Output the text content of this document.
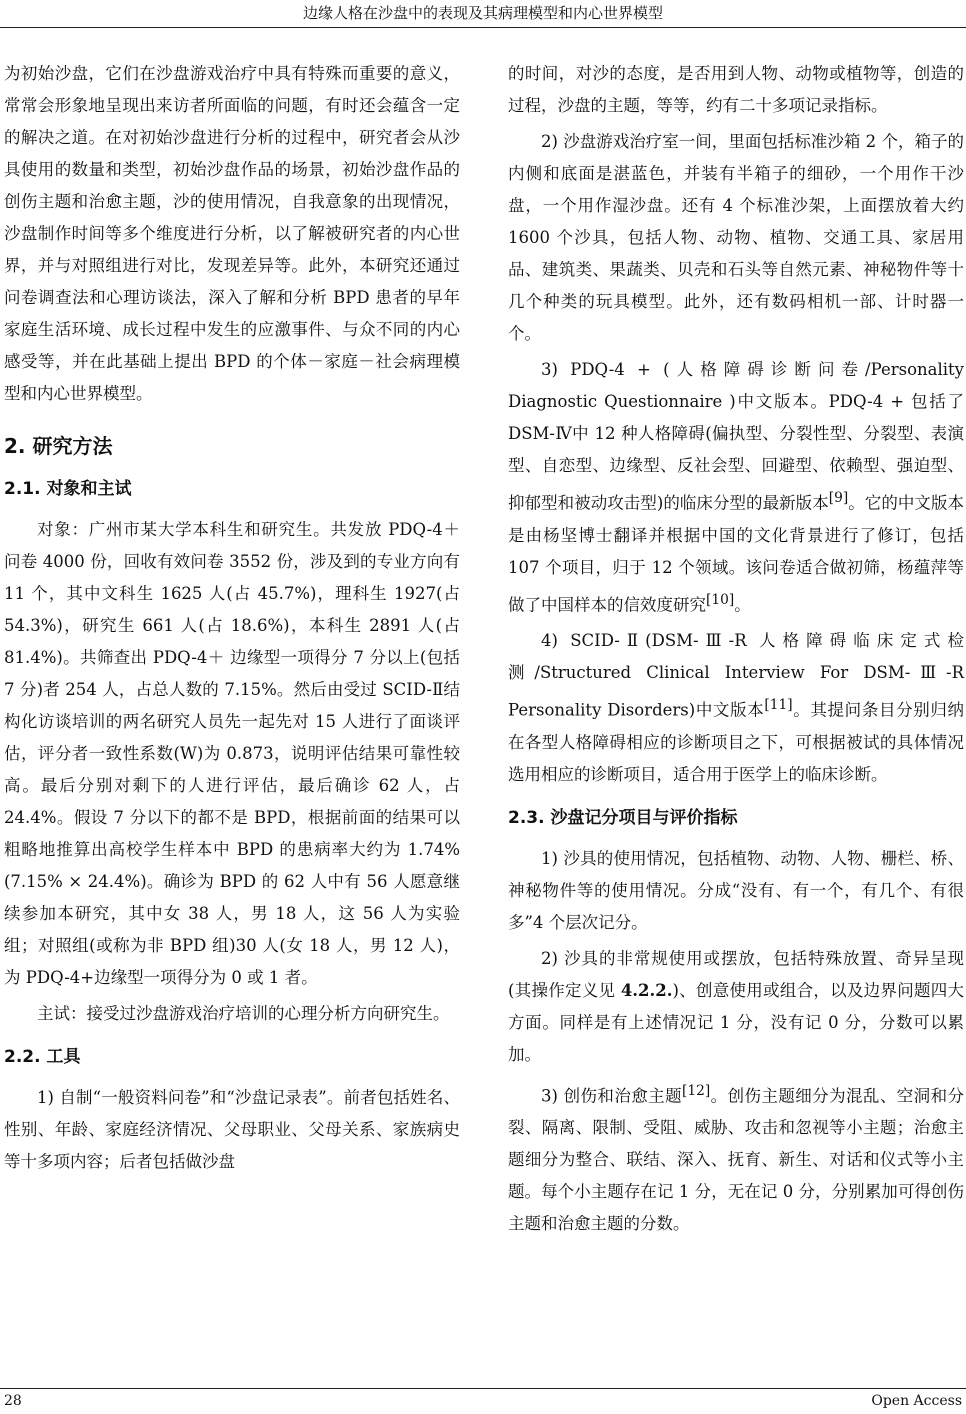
边缘人格在沙盘中的表现及其病理模型和内心世界模型

为初始沙盘，它们在沙盘游戏治疗中具有特殊而重要的意义，常常会形象地呈现出来访者所面临的问题，有时还会蕴含一定的解决之道。在对初始沙盘进行分析的过程中，研究者会从沙具使用的数量和类型，初始沙盘作品的场景，初始沙盘作品的创伤主题和治愈主题，沙的使用情况，自我意象的出现情况，沙盘制作时间等多个维度进行分析，以了解被研究者的内心世界，并与对照组进行对比，发现差异等。此外，本研究还通过问卷调查法和心理访谈法，深入了解和分析 BPD 患者的早年家庭生活环境、成长过程中发生的应激事件、与众不同的内心感受等，并在此基础上提出 BPD 的个体－家庭－社会病理模型和内心世界模型。

2. 研究方法
2.1. 对象和主试

对象：广州市某大学本科生和研究生。共发放 PDQ-4＋ 问卷 4000 份，回收有效问卷 3552 份，涉及到的专业方向有 11 个，其中文科生 1625 人(占 45.7%)，理科生 1927(占 54.3%)，研究生 661 人(占 18.6%)，本科生 2891 人(占 81.4%)。共筛查出 PDQ-4＋ 边缘型一项得分 7 分以上(包括 7 分)者 254 人，占总人数的 7.15%。然后由受过 SCID-Ⅱ结构化访谈培训的两名研究人员先一起先对 15 人进行了面谈评估，评分者一致性系数(W)为 0.873，说明评估结果可靠性较高。最后分别对剩下的人进行评估，最后确诊 62 人，占 24.4%。假设 7 分以下的都不是 BPD，根据前面的结果可以粗略地推算出高校学生样本中 BPD 的患病率大约为 1.74%(7.15% × 24.4%)。确诊为 BPD 的 62 人中有 56 人愿意继续参加本研究，其中女 38 人，男 18 人，这 56 人为实验组；对照组(或称为非 BPD 组)30 人(女 18 人，男 12 人)，为 PDQ-4+边缘型一项得分为 0 或 1 者。

主试：接受过沙盘游戏治疗培训的心理分析方向研究生。

2.2. 工具

1) 自制“一般资料问卷”和“沙盘记录表”。前者包括姓名、性别、年龄、家庭经济情况、父母职业、父母关系、家族病史等十多项内容；后者包括做沙盘

的时间，对沙的态度，是否用到人物、动物或植物等，创造的过程，沙盘的主题，等等，约有二十多项记录指标。

2) 沙盘游戏治疗室一间，里面包括标准沙箱 2 个，箱子的内侧和底面是湛蓝色，并装有半箱子的细砂，一个用作干沙盘，一个用作湿沙盘。还有 4 个标准沙架，上面摆放着大约 1600 个沙具，包括人物、动物、植物、交通工具、家居用品、建筑类、果蔬类、贝壳和石头等自然元素、神秘物件等十几个种类的玩具模型。此外，还有数码相机一部、计时器一个。

3) PDQ-4 + (人格障碍诊断问卷/Personality Diagnostic Questionnaire )中文版本。PDQ-4 + 包括了 DSM-Ⅳ中 12 种人格障碍(偏执型、分裂性型、分裂型、表演型、自恋型、边缘型、反社会型、回避型、依赖型、强迫型、抑郁型和被动攻击型)的临床分型的最新版本[9]。它的中文版本是由杨坚博士翻译并根据中国的文化背景进行了修订，包括 107 个项目，归于 12 个领域。该问卷适合做初筛，杨蕴萍等做了中国样本的信效度研究[10]。

4) SCID-Ⅱ(DSM-Ⅲ-R 人格障碍临床定式检测/Structured Clinical Interview For DSM-Ⅲ-R Personality Disorders)中文版本[11]。其提问条目分别归纳在各型人格障碍相应的诊断项目之下，可根据被试的具体情况选用相应的诊断项目，适合用于医学上的临床诊断。

2.3. 沙盘记分项目与评价指标

1) 沙具的使用情况，包括植物、动物、人物、栅栏、桥、神秘物件等的使用情况。分成“没有、有一个，有几个、有很多”4 个层次记分。

2) 沙具的非常规使用或摆放，包括特殊放置、奇异呈现(其操作定义见 4.2.2.)、创意使用或组合，以及边界问题四大方面。同样是有上述情况记 1 分，没有记 0 分，分数可以累加。

3) 创伤和治愈主题[12]。创伤主题细分为混乱、空洞和分裂、隔离、限制、受阻、威胁、攻击和忽视等小主题；治愈主题细分为整合、联结、深入、抚育、新生、对话和仪式等小主题。每个小主题存在记 1 分，无在记 0 分，分别累加可得创伤主题和治愈主题的分数。

28	Open Access
